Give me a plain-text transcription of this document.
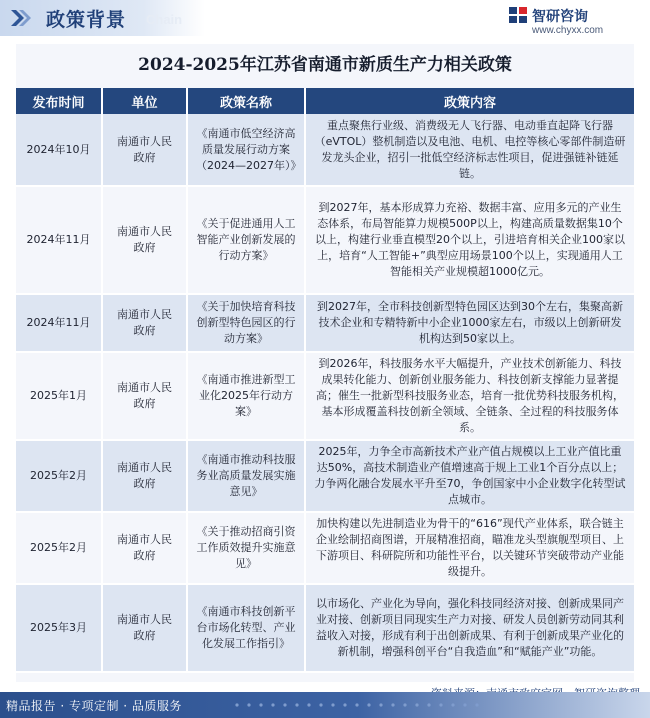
政策背景 Chain	智研咨询
www.chyxx.com
2024-2025年江苏省南通市新质生产力相关政策
发布时间	单位	政策名称	政策内容
2024年10月	南通市人民政府	《南通市低空经济高质量发展行动方案（2024—2027年）》	重点聚焦行业级、消费级无人飞行器、电动垂直起降飞行器（eVTOL）整机制造以及电池、电机、电控等核心零部件制造研发龙头企业，招引一批低空经济标志性项目，促进强链补链延链。
2024年11月	南通市人民政府	《关于促进通用人工智能产业创新发展的行动方案》	到2027年，基本形成算力充裕、数据丰富、应用多元的产业生态体系，布局智能算力规模500P以上，构建高质量数据集10个以上，构建行业垂直模型20个以上，引进培育相关企业100家以上，培育“人工智能+”典型应用场景100个以上，实现通用人工智能相关产业规模超1000亿元。
2024年11月	南通市人民政府	《关于加快培育科技创新型特色园区的行动方案》	到2027年，全市科技创新型特色园区达到30个左右，集聚高新技术企业和专精特新中小企业1000家左右，市级以上创新研发机构达到50家以上。
2025年1月	南通市人民政府	《南通市推进新型工业化2025年行动方案》	到2026年，科技服务水平大幅提升，产业技术创新能力、科技成果转化能力、创新创业服务能力、科技创新支撑能力显著提高；催生一批新型科技服务业态，培育一批优势科技服务机构，基本形成覆盖科技创新全领域、全链条、全过程的科技服务体系。
2025年2月	南通市人民政府	《南通市推动科技服务业高质量发展实施意见》	2025年，力争全市高新技术产业产值占规模以上工业产值比重达50%，高技术制造业产值增速高于规上工业1个百分点以上；力争两化融合发展水平升至70，争创国家中小企业数字化转型试点城市。
2025年2月	南通市人民政府	《关于推动招商引资工作质效提升实施意见》	加快构建以先进制造业为骨干的“616”现代产业体系，联合链主企业绘制招商图谱，开展精准招商，瞄准龙头型旗舰型项目、上下游项目、科研院所和功能性平台，以关键环节突破带动产业能级提升。
2025年3月	南通市人民政府	《南通市科技创新平台市场化转型、产业化发展工作指引》	以市场化、产业化为导向，强化科技同经济对接、创新成果同产业对接、创新项目同现实生产力对接、研发人员创新劳动同其利益收入对接，形成有利于出创新成果、有利于创新成果产业化的新机制，增强科创平台“自我造血”和“赋能产业”功能。
精品报告 · 专项定制 · 品质服务
